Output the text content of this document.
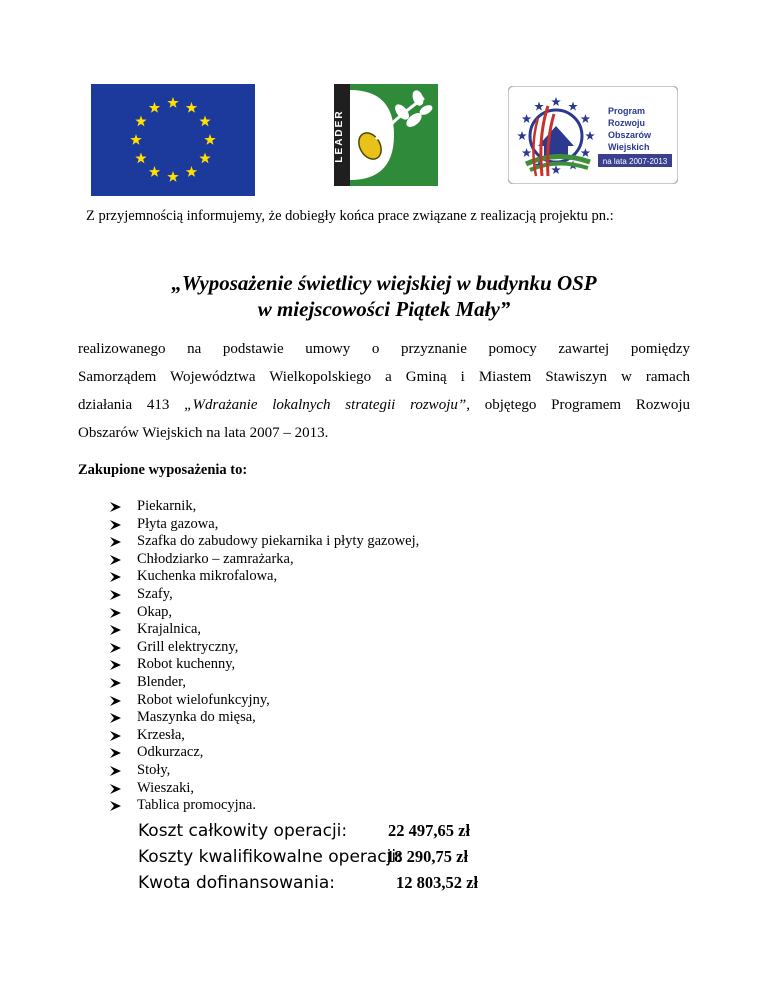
LEADER	Program
Rozwoju
Obszarów
Wiejskich
na lata 2007-2013
Z przyjemnością informujemy, że dobiegły końca prace związane z realizacją projektu pn.:
„Wyposażenie świetlicy wiejskiej w budynku OSP
w miejscowości Piątek Mały”
realizowanego na podstawie umowy o przyznanie pomocy zawartej pomiędzy
Samorządem Województwa Wielkopolskiego a Gminą i Miastem Stawiszyn w ramach
działania 413 „Wdrażanie lokalnych strategii rozwoju”, objętego Programem Rozwoju
Obszarów Wiejskich na lata 2007 – 2013.
Zakupione wyposażenia to:
Piekarnik,
Płyta gazowa,
Szafka do zabudowy piekarnika i płyty gazowej,
Chłodziarko – zamrażarka,
Kuchenka mikrofalowa,
Szafy,
Okap,
Krajalnica,
Grill elektryczny,
Robot kuchenny,
Blender,
Robot wielofunkcyjny,
Maszynka do mięsa,
Krzesła,
Odkurzacz,
Stoły,
Wieszaki,
Tablica promocyjna.
Koszt całkowity operacji: 22 497,65 zł
Koszty kwalifikowalne operacji:
18 290,75 zł
Kwota dofinansowania:	12 803,52 zł
